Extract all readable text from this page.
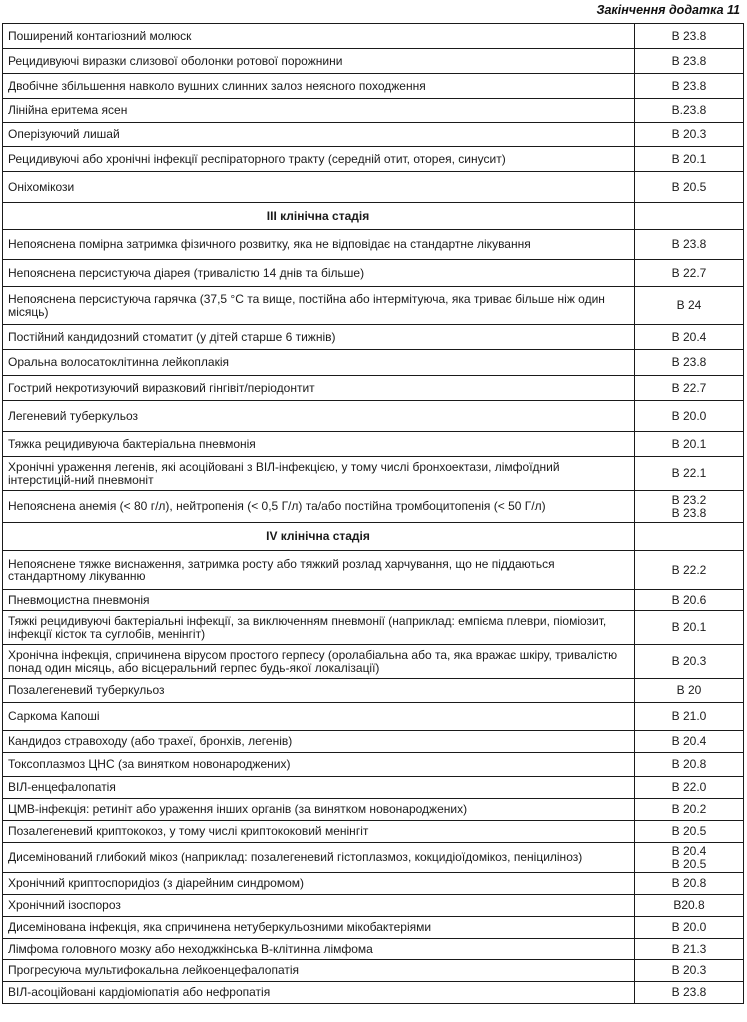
Закінчення додатка 11
Поширений контагіозний молюск	В 23.8

Рецидивуючі виразки слизової оболонки ротової порожнини	В 23.8

Двобічне збільшення навколо вушних слинних залоз неясного походження	В 23.8

Лінійна еритема ясен	В.23.8

Оперізуючий лишай	В 20.3

Рецидивуючі або хронічні інфекції респіраторного тракту (середній отит, оторея, синусит)	В 20.1

Оніхомікози	В 20.5

III клінічна стадія	
Непояснена помірна затримка фізичного розвитку, яка не відповідає на стандартне лікування	В 23.8

Непояснена персистуюча діарея (тривалістю 14 днів та більше)	В 22.7

Непояснена персистуюча гарячка (37,5 °С та вище, постійна або інтермітуюча, яка триває більше ніж один місяць)	В 24

Постійний кандидозний стоматит (у дітей старше 6 тижнів)	В 20.4

Оральна волосатоклітинна лейкоплакія	В 23.8

Гострий некротизуючий виразковий гінгівіт/періодонтит	В 22.7

Легеневий туберкульоз	В 20.0

Тяжка рецидивуюча бактеріальна пневмонія	В 20.1

Хронічні ураження легенів, які асоційовані з ВІЛ-інфекцією, у тому числі бронхоектази, лімфоїдний інтерстицій-ний пневмоніт	В 22.1

Непояснена анемія (< 80 г/л), нейтропенія (< 0,5 Г/л) та/або постійна тромбоцитопенія (< 50 Г/л)	В 23.2
В 23.8

IV клінічна стадія	
Непояснене тяжке виснаження, затримка росту або тяжкий розлад харчування, що не піддаються стандартному лікуванню	В 22.2

Пневмоцистна пневмонія	В 20.6

Тяжкі рецидивуючі бактеріальні інфекції, за виключенням пневмонії (наприклад: емпієма плеври, піоміозит, інфекції кісток та суглобів, менінгіт)	В 20.1

Хронічна інфекція, спричинена вірусом простого герпесу (оролабіальна або та, яка вражає шкіру, тривалістю понад один місяць, або вісцеральний герпес будь-якої локалізації)	В 20.3

Позалегеневий туберкульоз	В 20

Саркома Капоші	В 21.0

Кандидоз стравоходу (або трахеї, бронхів, легенів)	В 20.4

Токсоплазмоз ЦНС (за винятком новонароджених)	В 20.8

ВІЛ-енцефалопатія	В 22.0

ЦМВ-інфекція: ретиніт або ураження інших органів (за винятком новонароджених)	В 20.2

Позалегеневий криптококоз, у тому числі криптококовий менінгіт	В 20.5

Дисемінований глибокий мікоз (наприклад: позалегеневий гістоплазмоз, кокцидіоїдомікоз, пеніциліноз)	В 20.4
В 20.5

Хронічний криптоспоридіоз (з діарейним синдромом)	В 20.8

Хронічний ізоспороз	В20.8

Дисемінована інфекція, яка спричинена нетуберкульозними мікобактеріями	В 20.0

Лімфома головного мозку або неходжкінська В-клітинна лімфома	В 21.3

Прогресуюча мультифокальна лейкоенцефалопатія	В 20.3

ВІЛ-асоційовані кардіоміопатія або нефропатія	В 23.8
